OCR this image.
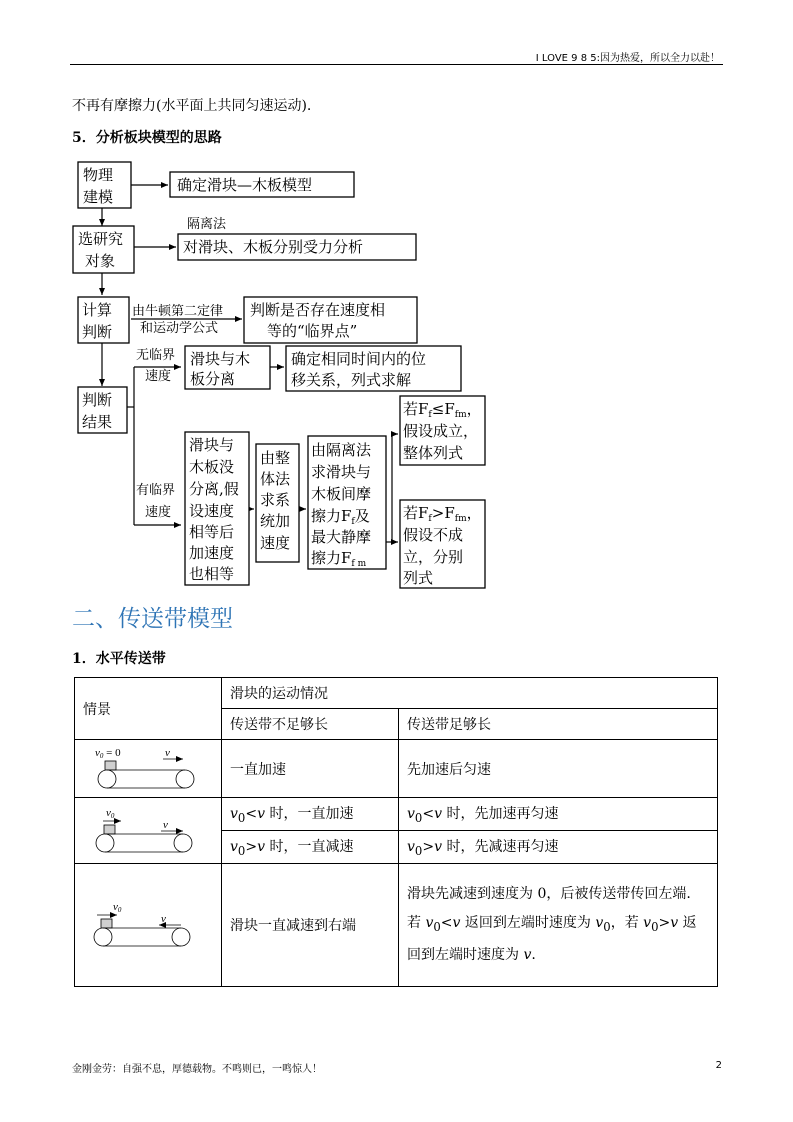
I LOVE 9 8 5:因为热爱，所以全力以赴！
不再有摩擦力(水平面上共同匀速运动).
5．分析板块模型的思路
物理
建模
确定滑块—木板模型
选研究
对象
对滑块、木板分别受力分析
计算
判断
判断是否存在速度相
等的“临界点”
滑块与木
板分离
确定相同时间内的位
移关系，列式求解
判断
结果
隔离法
由牛顿第二定律
和运动学公式
无临界
速度
有临界
速度
滑块与
木板没
分离,假
设速度
相等后
加速度
也相等
由整
体法
求系
统加
速度
由隔离法
求滑块与
木板间摩
擦力$F_f$及
最大静摩
擦力$F_{f m}$
若$F_f\le F_{fm}$，
假设成立，
整体列式
若$F_f>F_{fm}$，
假设不成
立，分别
列式
二、传送带模型
1．水平传送带
情景	滑块的运动情况	
	传送带不足够长	传送带足够长

v0 = 0 v	一直加速	先加速后匀速

v0
v	$v_0<v$ 时，一直加速	$v_0<v$ 时，先加速再匀速
	$v_0>v$ 时，一直减速	$v_0>v$ 时，先减速再匀速

v0
v	滑块一直减速到右端	滑块先减速到速度为 0，后被传送带传回左端.
若 $v_0<v$ 返回到左端时速度为 $v_0$，若 $v_0>v$ 返回到左端时速度为 v.
金刚金劳：自强不息，厚德载物。不鸣则已，一鸣惊人！	2
